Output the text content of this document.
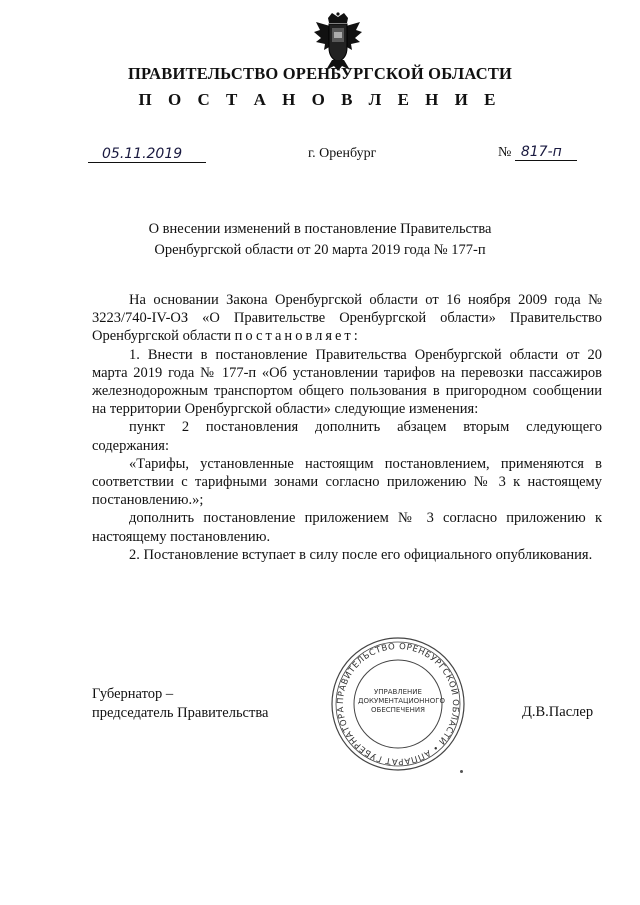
ПРАВИТЕЛЬСТВО ОРЕНБУРГСКОЙ ОБЛАСТИ
П О С Т А Н О В Л Е Н И Е
05.11.2019	г. Оренбург	№ 817-п
О внесении изменений в постановление Правительства
Оренбургской области от 20 марта 2019 года № 177-п

На основании Закона Оренбургской области от 16 ноября 2009 года № 3223/740-IV-ОЗ «О Правительстве Оренбургской области» Правительство Оренбургской области постановляет:

1. Внести в постановление Правительства Оренбургской области от 20 марта 2019 года № 177-п «Об установлении тарифов на перевозки пассажиров железнодорожным транспортом общего пользования в пригородном сообщении на территории Оренбургской области» следующие изменения:

пункт 2 постановления дополнить абзацем вторым следующего содержания:

«Тарифы, установленные настоящим постановлением, применяются в соответствии с тарифными зонами согласно приложению № 3 к настоящему постановлению.»;

дополнить постановление приложением № 3 согласно приложению к настоящему постановлению.

2. Постановление вступает в силу после его официального опубликования.

ПРАВИТЕЛЬСТВО ОРЕНБУРГСКОЙ ОБЛАСТИ • АППАРАТ ГУБЕРНАТОРА
УПРАВЛЕНИЕ
ДОКУМЕНТАЦИОННОГО
ОБЕСПЕЧЕНИЯ
Губернатор –
председатель Правительства	Д.В.Паслер
